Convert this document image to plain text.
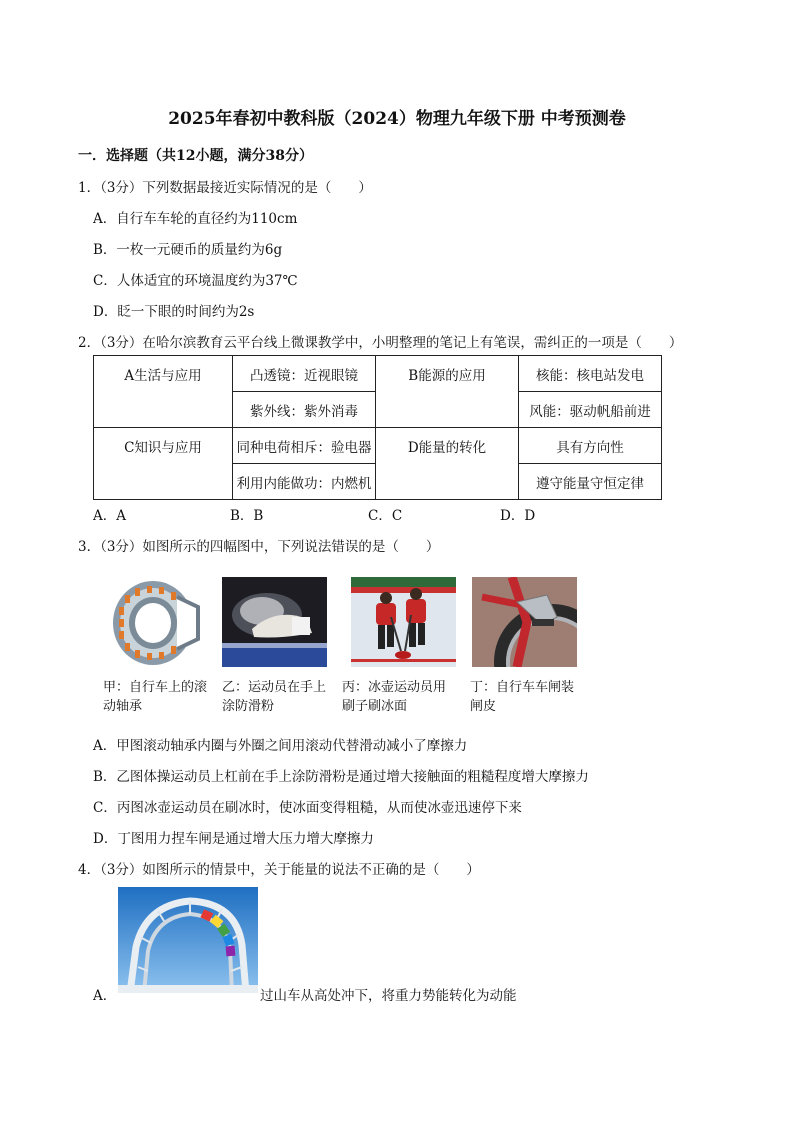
2025年春初中教科版（2024）物理九年级下册 中考预测卷
一．选择题（共12小题，满分38分）
1．（3分）下列数据最接近实际情况的是（　　）
A．自行车车轮的直径约为110cm
B．一枚一元硬币的质量约为6g
C．人体适宜的环境温度约为37℃
D．眨一下眼的时间约为2s
2．（3分）在哈尔滨教育云平台线上微课教学中，小明整理的笔记上有笔误，需纠正的一项是（　　）
A生活与应用	凸透镜：近视眼镜	B能源的应用	核能：核电站发电
	紫外线：紫外消毒		风能：驱动帆船前进
C知识与应用	同种电荷相斥：验电器	D能量的转化	具有方向性
	利用内能做功：内燃机		遵守能量守恒定律
A．A	B．B	C．C	D．D
3．（3分）如图所示的四幅图中，下列说法错误的是（　　）
甲：自行车上的滚动轴承
乙：运动员在手上涂防滑粉
丙：冰壶运动员用刷子刷冰面
丁：自行车车闸装闸皮
A．甲图滚动轴承内圈与外圈之间用滚动代替滑动减小了摩擦力
B．乙图体操运动员上杠前在手上涂防滑粉是通过增大接触面的粗糙程度增大摩擦力
C．丙图冰壶运动员在刷冰时，使冰面变得粗糙，从而使冰壶迅速停下来
D．丁图用力捏车闸是通过增大压力增大摩擦力
4．（3分）如图所示的情景中，关于能量的说法不正确的是（　　）
A．	过山车从高处冲下，将重力势能转化为动能
